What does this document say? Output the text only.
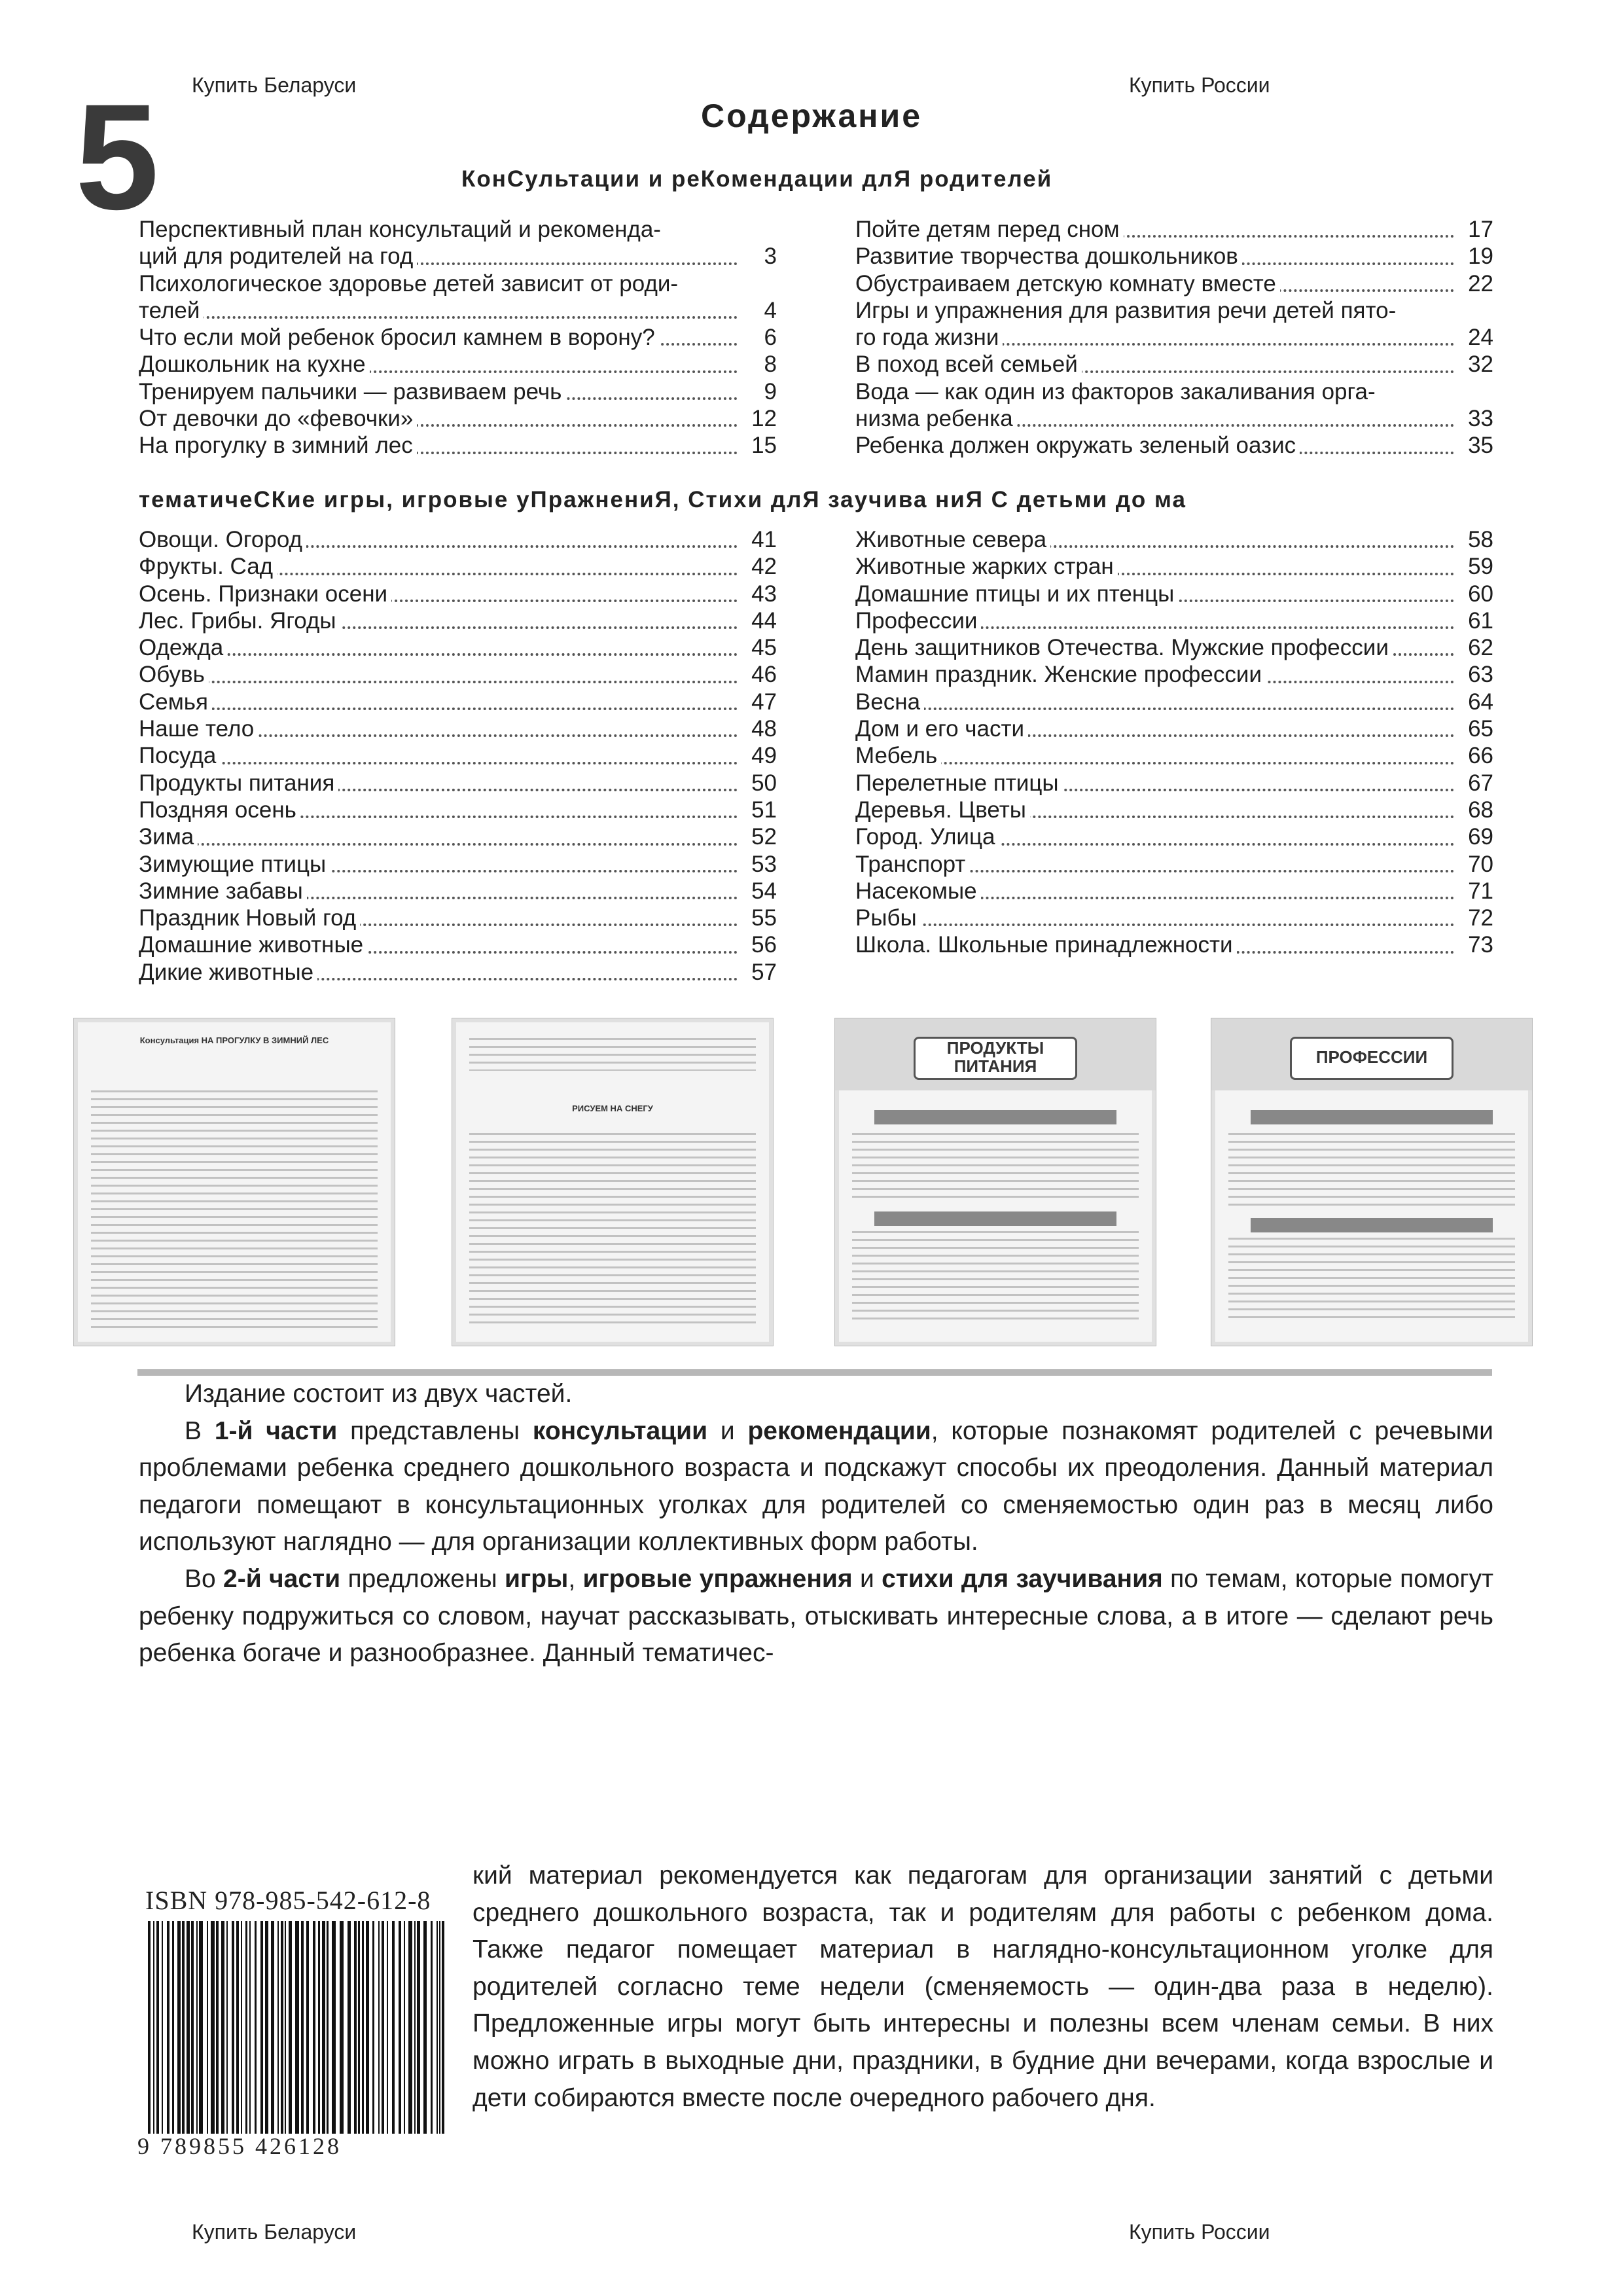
Купить Беларуси	Купить России
Купить Беларуси	Купить России
5	Содержание
КонСультации и реКомендации длЯ родителей
Перспективный план консультаций и рекоменда-
ций для родителей на год	3
Психологическое здоровье детей зависит от роди-
телей	4
Что если мой ребенок бросил камнем в ворону?	6
Дошкольник на кухне	8
Тренируем пальчики — развиваем речь	9
От девочки до «февочки»	12
На прогулку в зимний лес	15
Пойте детям перед сном	17
Развитие творчества дошкольников	19
Обустраиваем детскую комнату вместе	22
Игры и упражнения для развития речи детей пято-
го года жизни	24
В поход всей семьей	32
Вода — как один из факторов закаливания орга-
низма ребенка	33
Ребенка должен окружать зеленый оазис	35
тематичеСКие игры, игровые уПражнениЯ, Стихи длЯ заучива ниЯ С детьми до ма
Овощи. Огород	41
Фрукты. Сад	42
Осень. Признаки осени	43
Лес. Грибы. Ягоды	44
Одежда	45
Обувь	46
Семья	47
Наше тело	48
Посуда	49
Продукты питания	50
Поздняя осень	51
Зима	52
Зимующие птицы	53
Зимние забавы	54
Праздник Новый год	55
Домашние животные	56
Дикие животные	57
Животные севера	58
Животные жарких стран	59
Домашние птицы и их птенцы	60
Профессии	61
День защитников Отечества. Мужские профессии	62
Мамин праздник. Женские профессии	63
Весна	64
Дом и его части	65
Мебель	66
Перелетные птицы	67
Деревья. Цветы	68
Город. Улица	69
Транспорт	70
Насекомые	71
Рыбы	72
Школа. Школьные принадлежности	73
Консультация НА ПРОГУЛКУ В ЗИМНИЙ ЛЕС
РИСУЕМ НА СНЕГУ
ПРОДУКТЫ ПИТАНИЯ	ПРОФЕССИИ

Издание состоит из двух частей.

В 1-й части представлены консультации и рекомендации, которые познакомят родителей с речевыми проблемами ребенка среднего дошкольного возраста и подскажут способы их преодоления. Данный материал педагоги помещают в консультационных уголках для родителей со сменяемостью один раз в месяц либо используют наглядно — для организации коллективных форм работы.

Во 2-й части предложены игры, игровые упражнения и стихи для заучивания по темам, которые помогут ребенку подружиться со словом, научат рассказывать, отыскивать интересные слова, а в итоге — сделают речь ребенка богаче и разнообразнее. Данный тематичес-

кий материал рекомендуется как педагогам для организации занятий с детьми среднего дошкольного возраста, так и родителям для работы с ребенком дома. Также педагог помещает материал в наглядно-консультационном уголке для родителей согласно теме недели (сменяемость — один-два раза в неделю). Предложенные игры могут быть интересны и полезны всем членам семьи. В них можно играть в выходные дни, праздники, в будние дни вечерами, когда взрослые и дети собираются вместе после очередного рабочего дня.

ISBN 978-985-542-612-8
9 789855 426128
